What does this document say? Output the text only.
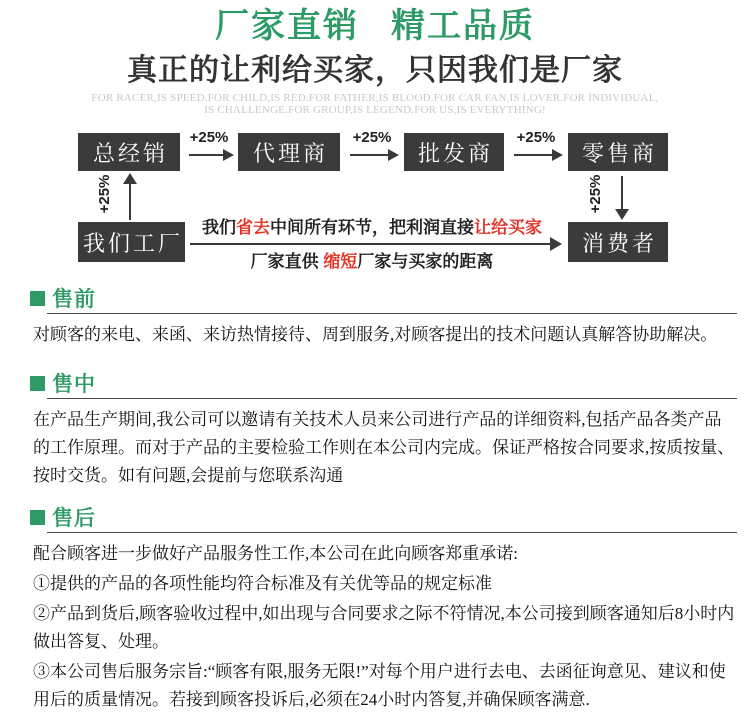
厂家直销 精工品质
真正的让利给买家，只因我们是厂家
FOR RACER,IS SPEED.FOR CHILD,IS RED.FOR FATHER,IS BLOOD.FOR CAR FAN,IS LOVER.FOR INDIVIDUAL,
IS CHALLENGE.FOR GROUP,IS LEGEND.FOR US,IS EVERYTHING!
总经销	代理商	批发商	零售商
+25%	+25%	+25%
+25%	+25%
我们工厂	消费者
我们省去中间所有环节，把利润直接让给买家
厂家直供 缩短厂家与买家的距离
售前

对顾客的来电、来函、来访热情接待、周到服务,对顾客提出的技术问题认真解答协助解决。

售中

在产品生产期间,我公司可以邀请有关技术人员来公司进行产品的详细资料,包括产品各类产品的工作原理。而对于产品的主要检验工作则在本公司内完成。保证严格按合同要求,按质按量、按时交货。如有问题,会提前与您联系沟通

售后

配合顾客进一步做好产品服务性工作,本公司在此向顾客郑重承诺:

①提供的产品的各项性能均符合标准及有关优等品的规定标准

②产品到货后,顾客验收过程中,如出现与合同要求之际不符情况,本公司接到顾客通知后8小时内做出答复、处理。

③本公司售后服务宗旨:“顾客有限,服务无限!”对每个用户进行去电、去函征询意见、建议和使用后的质量情况。若接到顾客投诉后,必须在24小时内答复,并确保顾客满意.
